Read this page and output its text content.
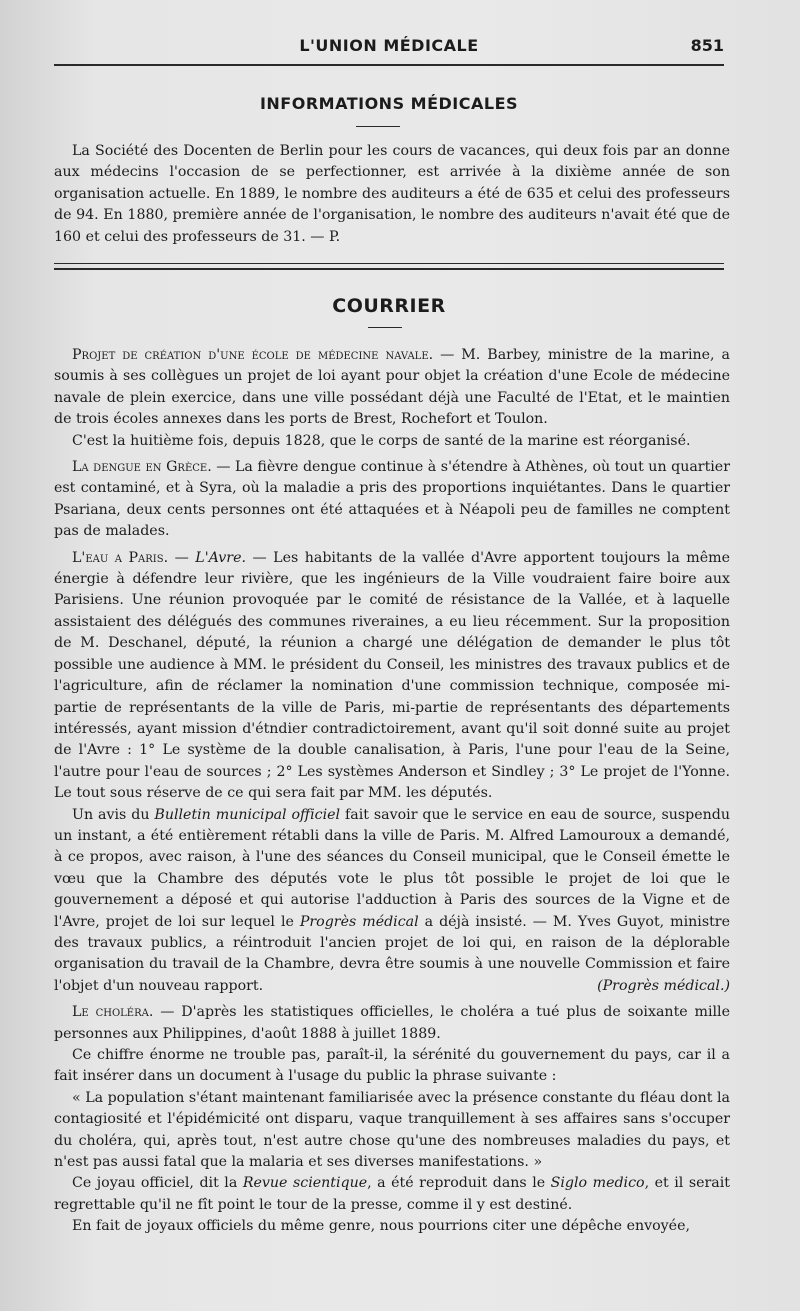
L'UNION MÉDICALE	851
INFORMATIONS MÉDICALES

La Société des Docenten de Berlin pour les cours de vacances, qui deux fois par an donne aux médecins l'occasion de se perfectionner, est arrivée à la dixième année de son organisation actuelle. En 1889, le nombre des auditeurs a été de 635 et celui des professeurs de 94. En 1880, première année de l'organisation, le nombre des auditeurs n'avait été que de 160 et celui des professeurs de 31. — P.

COURRIER

Projet de création d'une école de médecine navale. — M. Barbey, ministre de la marine, a soumis à ses collègues un projet de loi ayant pour objet la création d'une Ecole de médecine navale de plein exercice, dans une ville possédant déjà une Faculté de l'Etat, et le maintien de trois écoles annexes dans les ports de Brest, Rochefort et Toulon.

C'est la huitième fois, depuis 1828, que le corps de santé de la marine est réorganisé.

La dengue en Grèce. — La fièvre dengue continue à s'étendre à Athènes, où tout un quartier est contaminé, et à Syra, où la maladie a pris des proportions inquiétantes. Dans le quartier Psariana, deux cents personnes ont été attaquées et à Néapoli peu de familles ne comptent pas de malades.

L'eau a Paris. — L'Avre. — Les habitants de la vallée d'Avre apportent toujours la même énergie à défendre leur rivière, que les ingénieurs de la Ville voudraient faire boire aux Parisiens. Une réunion provoquée par le comité de résistance de la Vallée, et à laquelle assistaient des délégués des communes riveraines, a eu lieu récemment. Sur la proposition de M. Deschanel, député, la réunion a chargé une délégation de demander le plus tôt possible une audience à MM. le président du Conseil, les ministres des travaux publics et de l'agriculture, afin de réclamer la nomination d'une commission technique, composée mi-partie de représentants de la ville de Paris, mi-partie de représentants des départements intéressés, ayant mission d'étndier contradictoirement, avant qu'il soit donné suite au projet de l'Avre : 1° Le système de la double canalisation, à Paris, l'une pour l'eau de la Seine, l'autre pour l'eau de sources ; 2° Les systèmes Anderson et Sindley ; 3° Le projet de l'Yonne. Le tout sous réserve de ce qui sera fait par MM. les députés.

Un avis du Bulletin municipal officiel fait savoir que le service en eau de source, suspendu un instant, a été entièrement rétabli dans la ville de Paris. M. Alfred Lamouroux a demandé, à ce propos, avec raison, à l'une des séances du Conseil municipal, que le Conseil émette le vœu que la Chambre des députés vote le plus tôt possible le projet de loi que le gouvernement a déposé et qui autorise l'adduction à Paris des sources de la Vigne et de l'Avre, projet de loi sur lequel le Progrès médical a déjà insisté. — M. Yves Guyot, ministre des travaux publics, a réintroduit l'ancien projet de loi qui, en raison de la déplorable organisation du travail de la Chambre, devra être soumis à une nouvelle Commission et faire l'objet d'un nouveau rapport.	(Progrès médical.)

Le choléra. — D'après les statistiques officielles, le choléra a tué plus de soixante mille personnes aux Philippines, d'août 1888 à juillet 1889.

Ce chiffre énorme ne trouble pas, paraît-il, la sérénité du gouvernement du pays, car il a fait insérer dans un document à l'usage du public la phrase suivante :

« La population s'étant maintenant familiarisée avec la présence constante du fléau dont la contagiosité et l'épidémicité ont disparu, vaque tranquillement à ses affaires sans s'occuper du choléra, qui, après tout, n'est autre chose qu'une des nombreuses maladies du pays, et n'est pas aussi fatal que la malaria et ses diverses manifestations. »

Ce joyau officiel, dit la Revue scientique, a été reproduit dans le Siglo medico, et il serait regrettable qu'il ne fît point le tour de la presse, comme il y est destiné.

En fait de joyaux officiels du même genre, nous pourrions citer une dépêche envoyée,
